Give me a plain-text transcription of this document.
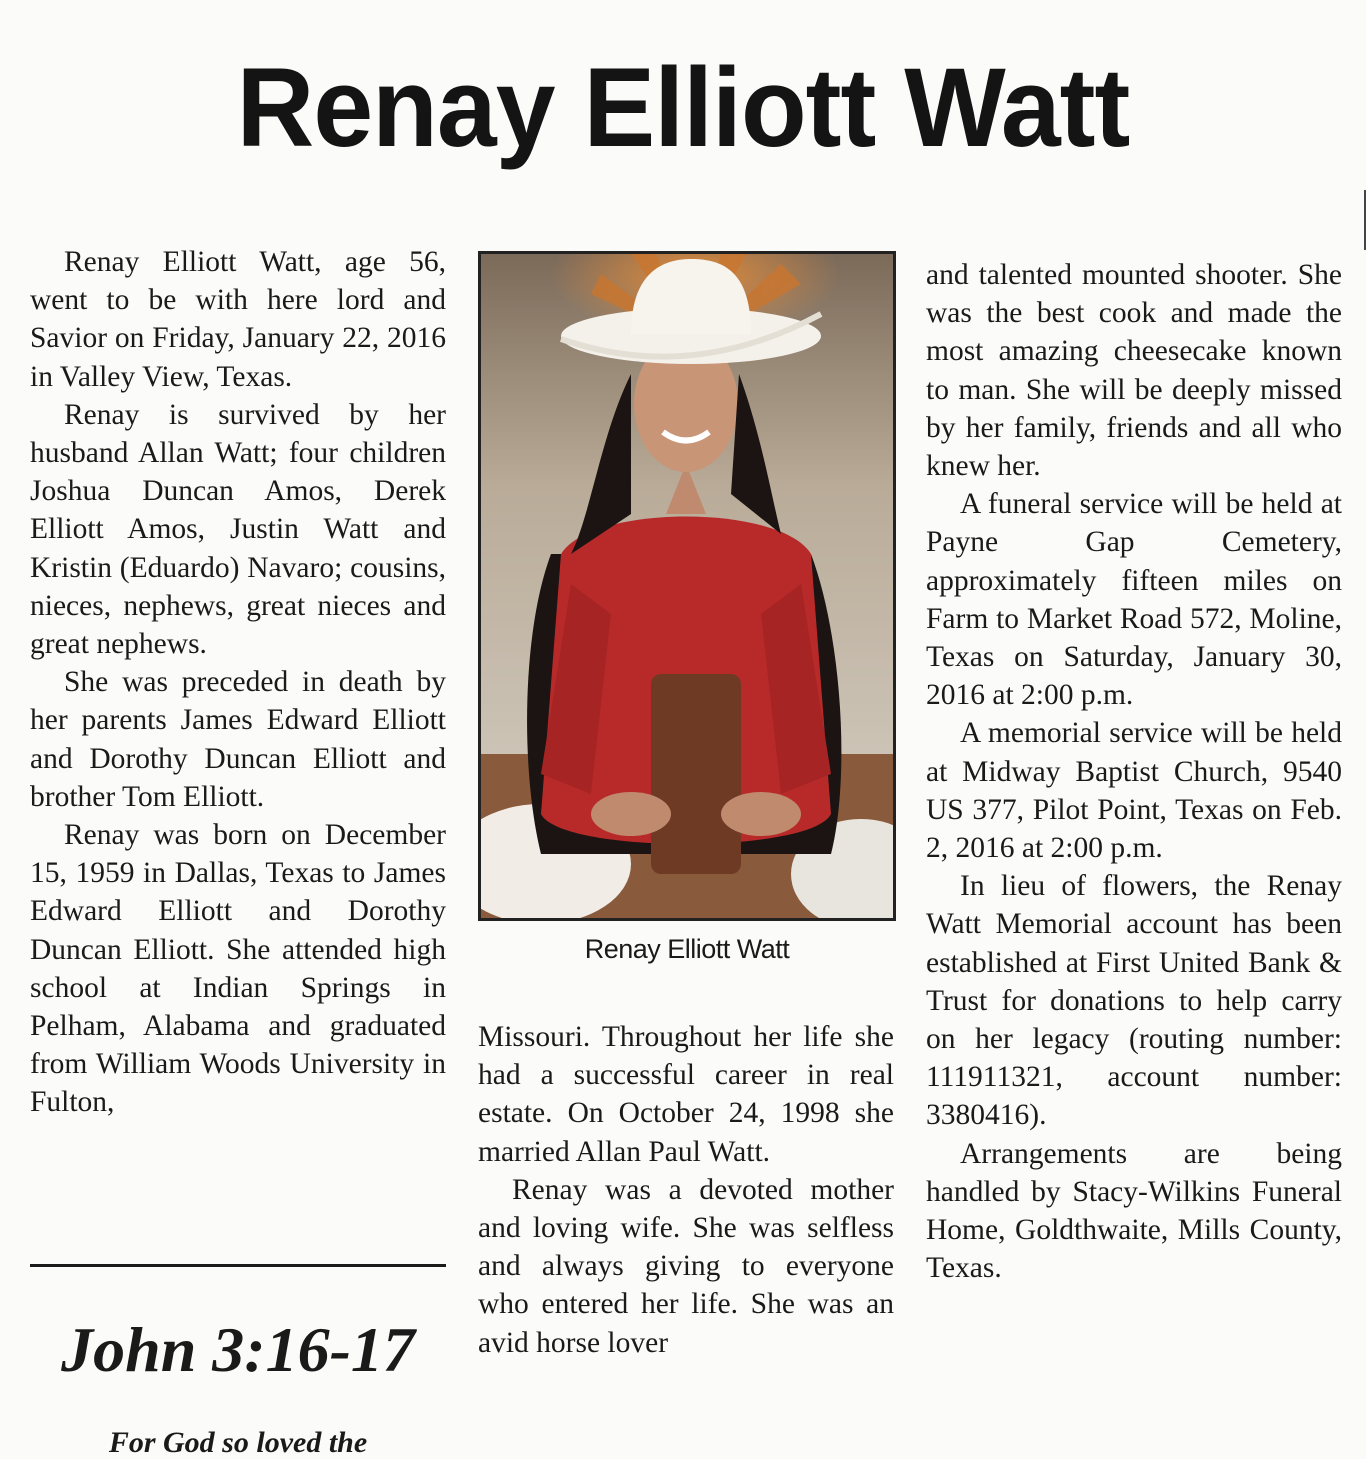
Renay Elliott Watt

Renay Elliott Watt, age 56, went to be with here lord and Savior on Friday, January 22, 2016 in Valley View, Texas.

Renay is survived by her husband Allan Watt; four children Joshua Duncan Amos, Derek Elliott Amos, Justin Watt and Kristin (Eduardo) Navaro; cousins, nieces, nephews, great nieces and great nephews.

She was preceded in death by her parents James Edward Elliott and Dorothy Duncan Elliott and brother Tom Elliott.

Renay was born on December 15, 1959 in Dallas, Texas to James Edward Elliott and Dorothy Duncan Elliott. She attended high school at Indian Springs in Pelham, Alabama and graduated from William Woods University in Fulton,

Renay Elliott Watt

Missouri. Throughout her life she had a successful career in real estate. On October 24, 1998 she married Allan Paul Watt.

Renay was a devoted mother and loving wife. She was selfless and always giving to everyone who entered her life. She was an avid horse lover

and talented mounted shooter. She was the best cook and made the most amazing cheesecake known to man. She will be deeply missed by her family, friends and all who knew her.

A funeral service will be held at Payne Gap Cemetery, approximately fifteen miles on Farm to Market Road 572, Moline, Texas on Saturday, January 30, 2016 at 2:00 p.m.

A memorial service will be held at Midway Baptist Church, 9540 US 377, Pilot Point, Texas on Feb. 2, 2016 at 2:00 p.m.

In lieu of flowers, the Renay Watt Memorial account has been established at First United Bank & Trust for donations to help carry on her legacy (routing number: 111911321, account number: 3380416).

Arrangements are being handled by Stacy-Wilkins Funeral Home, Goldthwaite, Mills County, Texas.

John 3:16-17
For God so loved the
